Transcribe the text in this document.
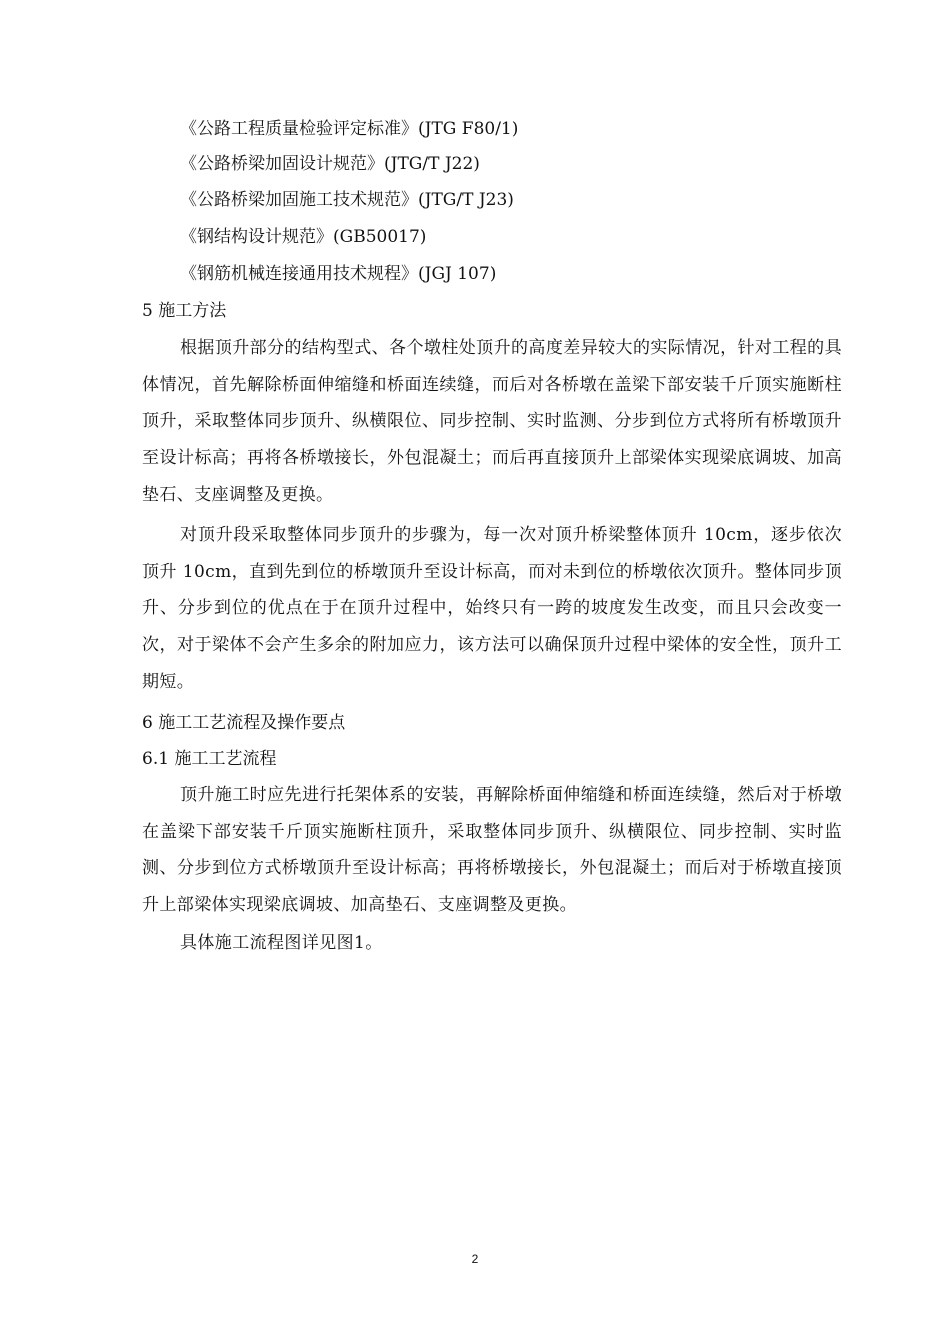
《公路工程质量检验评定标准》(JTG F80/1)
《公路桥梁加固设计规范》(JTG/T J22)
《公路桥梁加固施工技术规范》(JTG/T J23)
《钢结构设计规范》(GB50017)
《钢筋机械连接通用技术规程》(JGJ 107)
5 施工方法

根据顶升部分的结构型式、各个墩柱处顶升的高度差异较大的实际情况，针对工程的具体情况，首先解除桥面伸缩缝和桥面连续缝，而后对各桥墩在盖梁下部安装千斤顶实施断柱顶升，采取整体同步顶升、纵横限位、同步控制、实时监测、分步到位方式将所有桥墩顶升至设计标高；再将各桥墩接长，外包混凝土；而后再直接顶升上部梁体实现梁底调坡、加高垫石、支座调整及更换。

对顶升段采取整体同步顶升的步骤为，每一次对顶升桥梁整体顶升 10cm，逐步依次顶升 10cm，直到先到位的桥墩顶升至设计标高，而对未到位的桥墩依次顶升。整体同步顶升、分步到位的优点在于在顶升过程中，始终只有一跨的坡度发生改变，而且只会改变一次，对于梁体不会产生多余的附加应力，该方法可以确保顶升过程中梁体的安全性，顶升工期短。

6 施工工艺流程及操作要点
6.1 施工工艺流程

顶升施工时应先进行托架体系的安装，再解除桥面伸缩缝和桥面连续缝，然后对于桥墩在盖梁下部安装千斤顶实施断柱顶升，采取整体同步顶升、纵横限位、同步控制、实时监测、分步到位方式桥墩顶升至设计标高；再将桥墩接长，外包混凝土；而后对于桥墩直接顶升上部梁体实现梁底调坡、加高垫石、支座调整及更换。

具体施工流程图详见图1。

2
